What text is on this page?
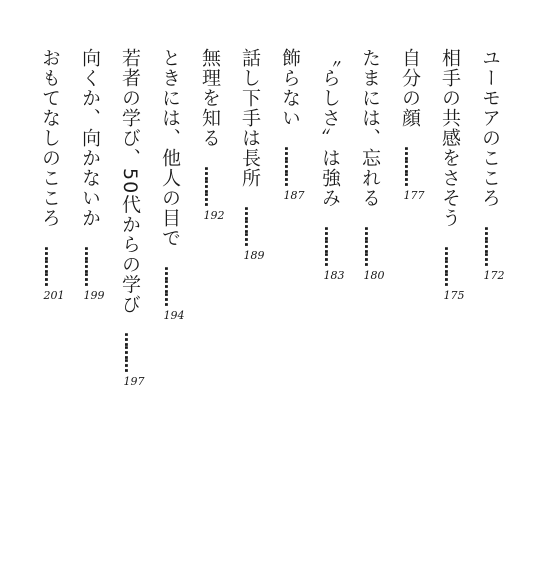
ユーモアのこころ
………
172
相手の共感をさそう
………
175
自分の顔
………
177
たまには、忘れる
………
180
〝らしさ〟は強み
………
183
飾らない
………
187
話し下手は長所
………
189
無理を知る
………
192
ときには、他人の目で
………
194
若者の学び、50代からの学び
………
197
向くか、向かないか
………
199
おもてなしのこころ
………
201
